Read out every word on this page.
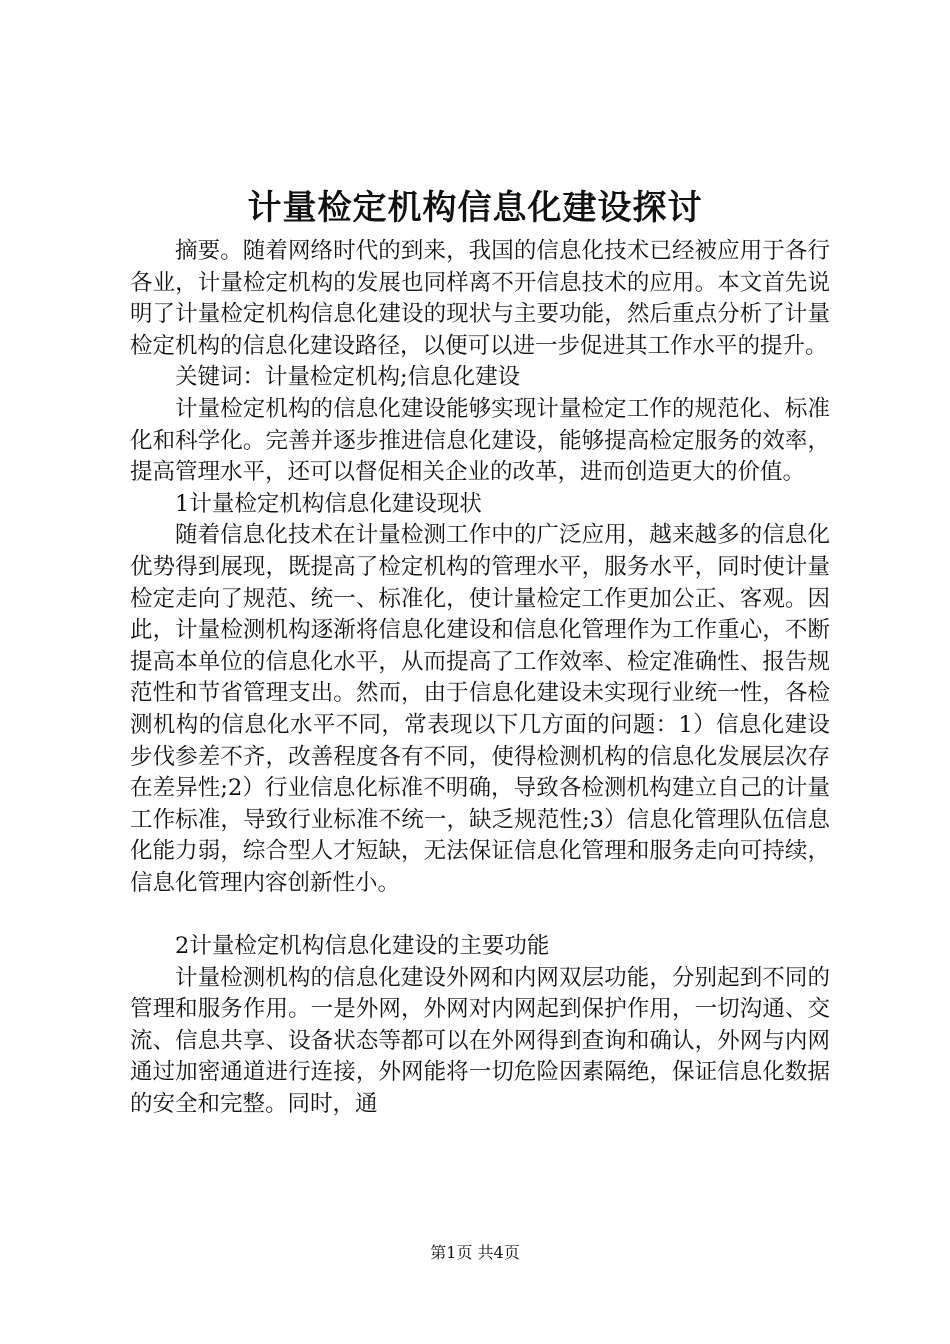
计量检定机构信息化建设探讨

摘要。随着网络时代的到来，我国的信息化技术已经被应用于各行各业，计量检定机构的发展也同样离不开信息技术的应用。本文首先说明了计量检定机构信息化建设的现状与主要功能，然后重点分析了计量检定机构的信息化建设路径，以便可以进一步促进其工作水平的提升。

关键词：计量检定机构;信息化建设

计量检定机构的信息化建设能够实现计量检定工作的规范化、标准化和科学化。完善并逐步推进信息化建设，能够提高检定服务的效率，提高管理水平，还可以督促相关企业的改革，进而创造更大的价值。

1计量检定机构信息化建设现状

随着信息化技术在计量检测工作中的广泛应用，越来越多的信息化优势得到展现，既提高了检定机构的管理水平，服务水平，同时使计量检定走向了规范、统一、标准化，使计量检定工作更加公正、客观。因此，计量检测机构逐渐将信息化建设和信息化管理作为工作重心，不断提高本单位的信息化水平，从而提高了工作效率、检定准确性、报告规范性和节省管理支出。然而，由于信息化建设未实现行业统一性，各检测机构的信息化水平不同，常表现以下几方面的问题：1）信息化建设步伐参差不齐，改善程度各有不同，使得检测机构的信息化发展层次存在差异性;2）行业信息化标准不明确，导致各检测机构建立自己的计量工作标准，导致行业标准不统一，缺乏规范性;3）信息化管理队伍信息化能力弱，综合型人才短缺，无法保证信息化管理和服务走向可持续，信息化管理内容创新性小。

2计量检定机构信息化建设的主要功能

计量检测机构的信息化建设外网和内网双层功能，分别起到不同的管理和服务作用。一是外网，外网对内网起到保护作用，一切沟通、交流、信息共享、设备状态等都可以在外网得到查询和确认，外网与内网通过加密通道进行连接，外网能将一切危险因素隔绝，保证信息化数据的安全和完整。同时，通

第1页 共4页
